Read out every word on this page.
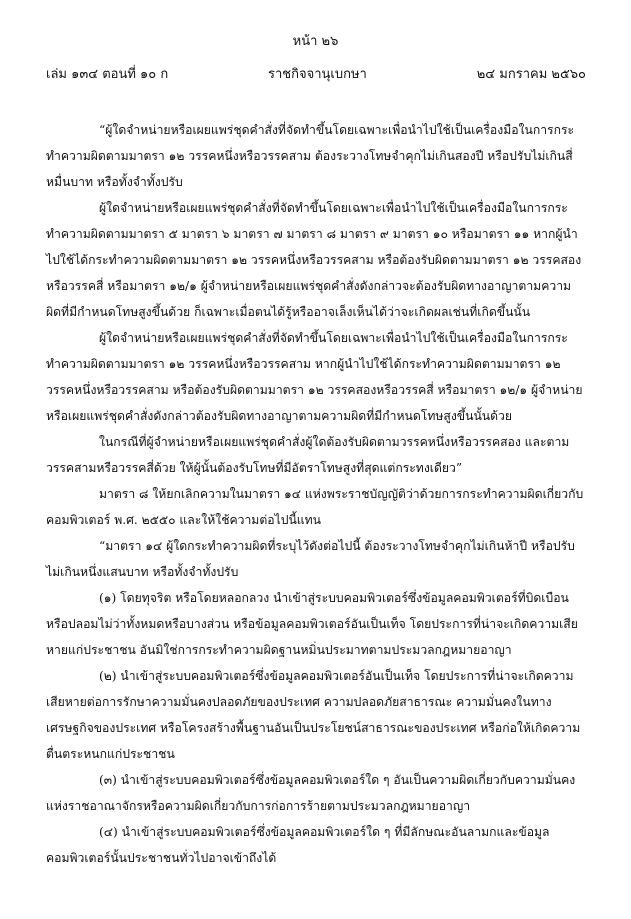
หน้า ๒๖
เล่ม ๑๓๔ ตอนที่ ๑๐ ก	ราชกิจจานุเบกษา	๒๔ มกราคม ๒๕๖๐

“ผู้ใดจำหน่ายหรือเผยแพร่ชุดคำสั่งที่จัดทำขึ้นโดยเฉพาะเพื่อนำไปใช้เป็นเครื่องมือในการกระทำความผิดตามมาตรา ๑๒ วรรคหนึ่งหรือวรรคสาม ต้องระวางโทษจำคุกไม่เกินสองปี หรือปรับไม่เกินสี่หมื่นบาท หรือทั้งจำทั้งปรับ

ผู้ใดจำหน่ายหรือเผยแพร่ชุดคำสั่งที่จัดทำขึ้นโดยเฉพาะเพื่อนำไปใช้เป็นเครื่องมือในการกระทำความผิดตามมาตรา ๕ มาตรา ๖ มาตรา ๗ มาตรา ๘ มาตรา ๙ มาตรา ๑๐ หรือมาตรา ๑๑ หากผู้นำไปใช้ได้กระทำความผิดตามมาตรา ๑๒ วรรคหนึ่งหรือวรรคสาม หรือต้องรับผิดตามมาตรา ๑๒ วรรคสองหรือวรรคสี่ หรือมาตรา ๑๒/๑ ผู้จำหน่ายหรือเผยแพร่ชุดคำสั่งดังกล่าวจะต้องรับผิดทางอาญาตามความผิดที่มีกำหนดโทษสูงขึ้นด้วย ก็เฉพาะเมื่อตนได้รู้หรืออาจเล็งเห็นได้ว่าจะเกิดผลเช่นที่เกิดขึ้นนั้น

ผู้ใดจำหน่ายหรือเผยแพร่ชุดคำสั่งที่จัดทำขึ้นโดยเฉพาะเพื่อนำไปใช้เป็นเครื่องมือในการกระทำความผิดตามมาตรา ๑๒ วรรคหนึ่งหรือวรรคสาม หากผู้นำไปใช้ได้กระทำความผิดตามมาตรา ๑๒ วรรคหนึ่งหรือวรรคสาม หรือต้องรับผิดตามมาตรา ๑๒ วรรคสองหรือวรรคสี่ หรือมาตรา ๑๒/๑ ผู้จำหน่ายหรือเผยแพร่ชุดคำสั่งดังกล่าวต้องรับผิดทางอาญาตามความผิดที่มีกำหนดโทษสูงขึ้นนั้นด้วย

ในกรณีที่ผู้จำหน่ายหรือเผยแพร่ชุดคำสั่งผู้ใดต้องรับผิดตามวรรคหนึ่งหรือวรรคสอง และตามวรรคสามหรือวรรคสี่ด้วย ให้ผู้นั้นต้องรับโทษที่มีอัตราโทษสูงที่สุดแต่กระทงเดียว”

มาตรา ๘ ให้ยกเลิกความในมาตรา ๑๔ แห่งพระราชบัญญัติว่าด้วยการกระทำความผิดเกี่ยวกับคอมพิวเตอร์ พ.ศ. ๒๕๕๐ และให้ใช้ความต่อไปนี้แทน

“มาตรา ๑๔ ผู้ใดกระทำความผิดที่ระบุไว้ดังต่อไปนี้ ต้องระวางโทษจำคุกไม่เกินห้าปี หรือปรับไม่เกินหนึ่งแสนบาท หรือทั้งจำทั้งปรับ

(๑) โดยทุจริต หรือโดยหลอกลวง นำเข้าสู่ระบบคอมพิวเตอร์ซึ่งข้อมูลคอมพิวเตอร์ที่บิดเบือนหรือปลอมไม่ว่าทั้งหมดหรือบางส่วน หรือข้อมูลคอมพิวเตอร์อันเป็นเท็จ โดยประการที่น่าจะเกิดความเสียหายแก่ประชาชน อันมิใช่การกระทำความผิดฐานหมิ่นประมาทตามประมวลกฎหมายอาญา

(๒) นำเข้าสู่ระบบคอมพิวเตอร์ซึ่งข้อมูลคอมพิวเตอร์อันเป็นเท็จ โดยประการที่น่าจะเกิดความเสียหายต่อการรักษาความมั่นคงปลอดภัยของประเทศ ความปลอดภัยสาธารณะ ความมั่นคงในทางเศรษฐกิจของประเทศ หรือโครงสร้างพื้นฐานอันเป็นประโยชน์สาธารณะของประเทศ หรือก่อให้เกิดความตื่นตระหนกแก่ประชาชน

(๓) นำเข้าสู่ระบบคอมพิวเตอร์ซึ่งข้อมูลคอมพิวเตอร์ใด ๆ อันเป็นความผิดเกี่ยวกับความมั่นคงแห่งราชอาณาจักรหรือความผิดเกี่ยวกับการก่อการร้ายตามประมวลกฎหมายอาญา

(๔) นำเข้าสู่ระบบคอมพิวเตอร์ซึ่งข้อมูลคอมพิวเตอร์ใด ๆ ที่มีลักษณะอันลามกและข้อมูลคอมพิวเตอร์นั้นประชาชนทั่วไปอาจเข้าถึงได้
